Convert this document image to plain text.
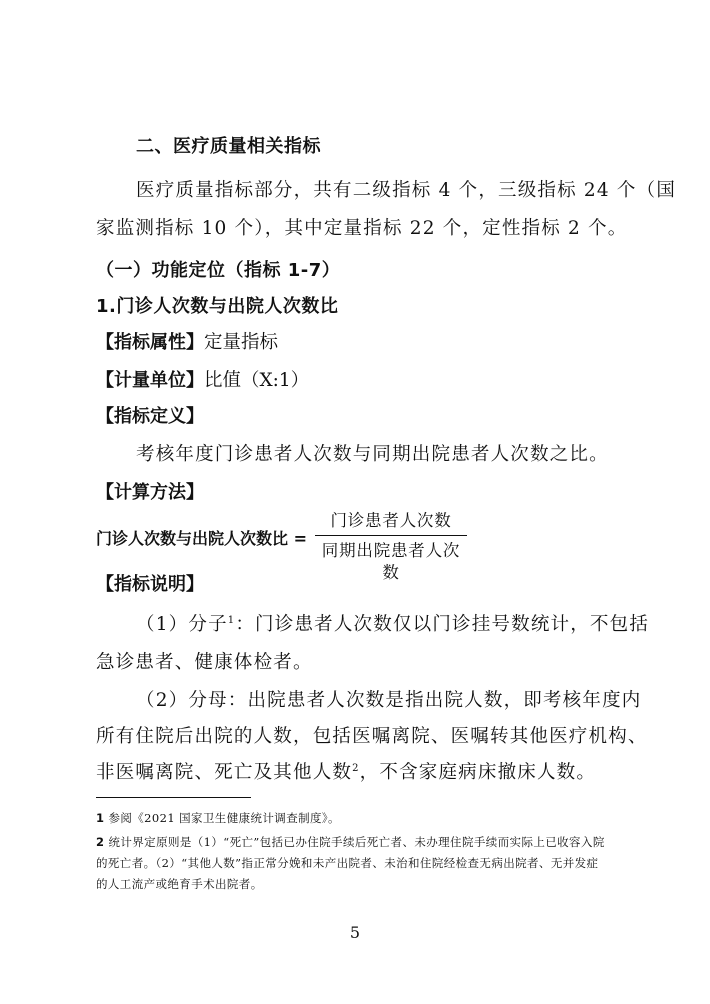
二、医疗质量相关指标
医疗质量指标部分，共有二级指标 4 个，三级指标 24 个（国
家监测指标 10 个），其中定量指标 22 个，定性指标 2 个。
（一）功能定位（指标 1-7）
1.门诊人次数与出院人次数比
【指标属性】定量指标
【计量单位】比值（X:1）
【指标定义】
考核年度门诊患者人次数与同期出院患者人次数之比。
【计算方法】
门诊人次数与出院人次数比 =
门诊患者人次数
同期出院患者人次数
【指标说明】
（1）分子$^1$：门诊患者人次数仅以门诊挂号数统计，不包括
急诊患者、健康体检者。
（2）分母：出院患者人次数是指出院人数，即考核年度内
所有住院后出院的人数，包括医嘱离院、医嘱转其他医疗机构、
非医嘱离院、死亡及其他人数$^2$，不含家庭病床撤床人数。
1 参阅《2021 国家卫生健康统计调查制度》。
2 统计界定原则是（1）“死亡”包括已办住院手续后死亡者、未办理住院手续而实际上已收容入院
的死亡者。（2）“其他人数”指正常分娩和未产出院者、未治和住院经检查无病出院者、无并发症
的人工流产或绝育手术出院者。
5
